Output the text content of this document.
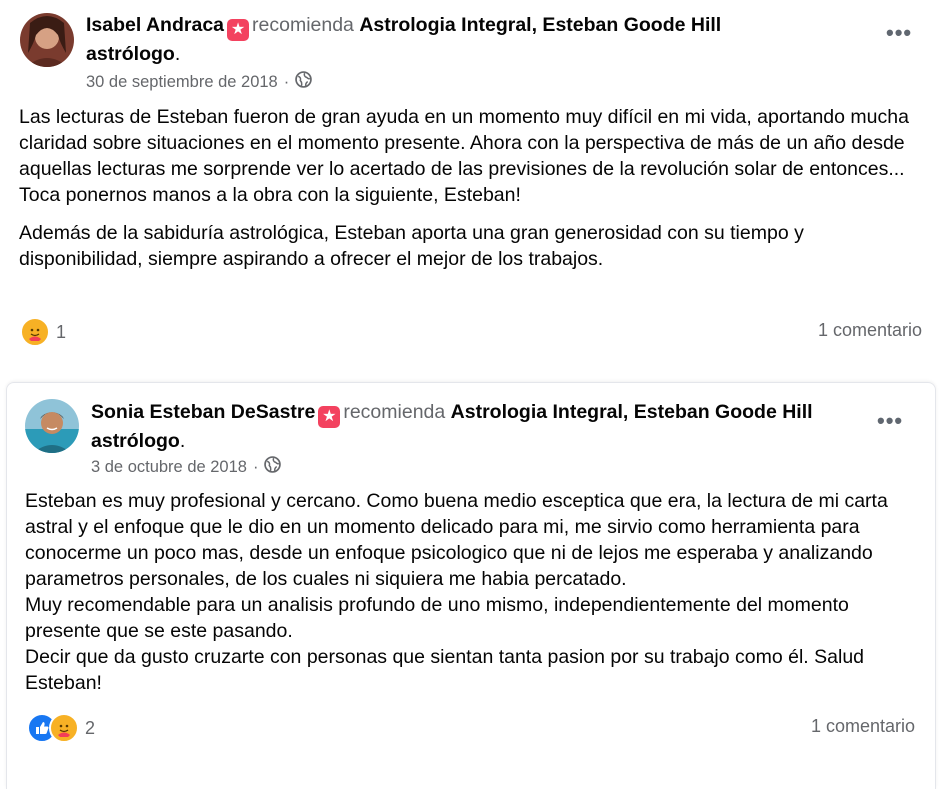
Isabel Andraca ★ recomienda Astrologia Integral, Esteban Goode Hill astrólogo.
30 de septiembre de 2018 ·
•••

Las lecturas de Esteban fueron de gran ayuda en un momento muy difícil en mi vida, aportando mucha claridad sobre situaciones en el momento presente. Ahora con la perspectiva de más de un año desde aquellas lecturas me sorprende ver lo acertado de las previsiones de la revolución solar de entonces... Toca ponernos manos a la obra con la siguiente, Esteban!

Además de la sabiduría astrológica, Esteban aporta una gran generosidad con su tiempo y disponibilidad, siempre aspirando a ofrecer el mejor de los trabajos.

1	1 comentario
Sonia Esteban DeSastre ★ recomienda Astrologia Integral, Esteban Goode Hill astrólogo.
3 de octubre de 2018 ·
•••

Esteban es muy profesional y cercano. Como buena medio esceptica que era, la lectura de mi carta astral y el enfoque que le dio en un momento delicado para mi, me sirvio como herramienta para conocerme un poco mas, desde un enfoque psicologico que ni de lejos me esperaba y analizando parametros personales, de los cuales ni siquiera me habia percatado.
Muy recomendable para un analisis profundo de uno mismo, independientemente del momento presente que se este pasando.
Decir que da gusto cruzarte con personas que sientan tanta pasion por su trabajo como él. Salud Esteban!

2	1 comentario
